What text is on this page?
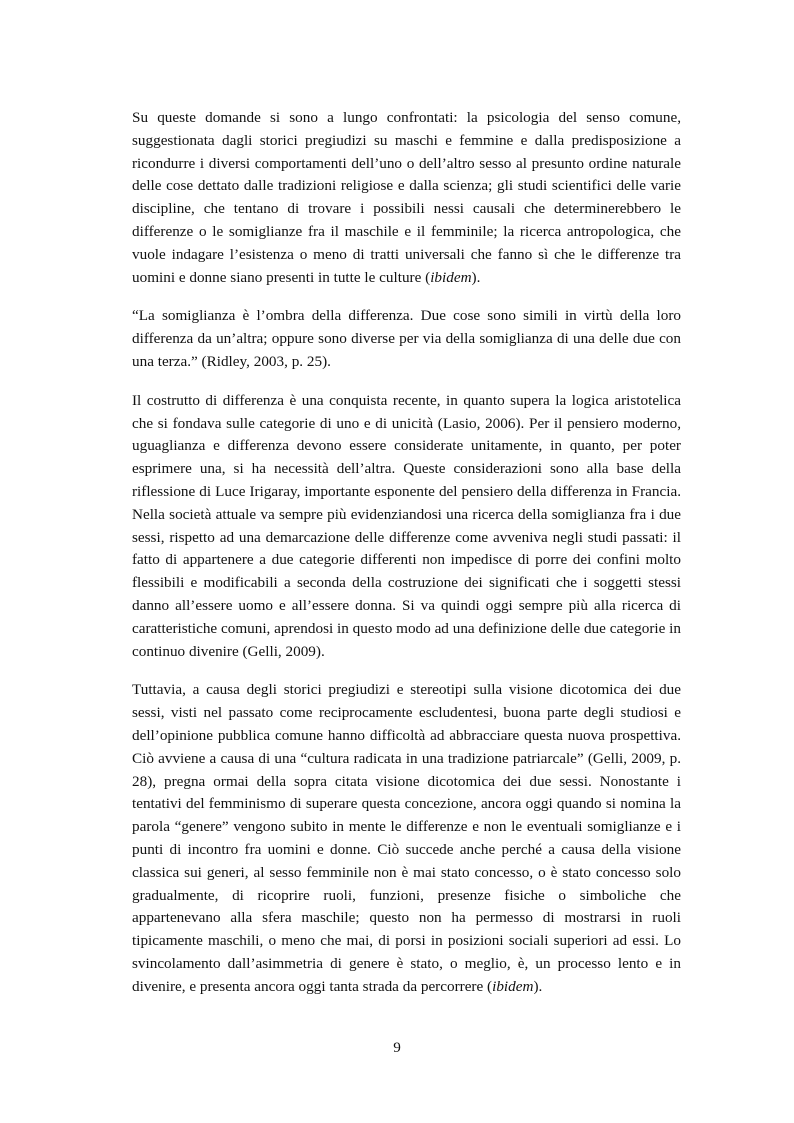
Su queste domande si sono a lungo confrontati: la psicologia del senso comune, suggestionata dagli storici pregiudizi su maschi e femmine e dalla predisposizione a ricondurre i diversi comportamenti dell’uno o dell’altro sesso al presunto ordine naturale delle cose dettato dalle tradizioni religiose e dalla scienza; gli studi scientifici delle varie discipline, che tentano di trovare i possibili nessi causali che determinerebbero le differenze o le somiglianze fra il maschile e il femminile; la ricerca antropologica, che vuole indagare l’esistenza o meno di tratti universali che fanno sì che le differenze tra uomini e donne siano presenti in tutte le culture (ibidem).

“La somiglianza è l’ombra della differenza. Due cose sono simili in virtù della loro differenza da un’altra; oppure sono diverse per via della somiglianza di una delle due con una terza.” (Ridley, 2003, p. 25).

Il costrutto di differenza è una conquista recente, in quanto supera la logica aristotelica che si fondava sulle categorie di uno e di unicità (Lasio, 2006). Per il pensiero moderno, uguaglianza e differenza devono essere considerate unitamente, in quanto, per poter esprimere una, si ha necessità dell’altra. Queste considerazioni sono alla base della riflessione di Luce Irigaray, importante esponente del pensiero della differenza in Francia. Nella società attuale va sempre più evidenziandosi una ricerca della somiglianza fra i due sessi, rispetto ad una demarcazione delle differenze come avveniva negli studi passati: il fatto di appartenere a due categorie differenti non impedisce di porre dei confini molto flessibili e modificabili a seconda della costruzione dei significati che i soggetti stessi danno all’essere uomo e all’essere donna. Si va quindi oggi sempre più alla ricerca di caratteristiche comuni, aprendosi in questo modo ad una definizione delle due categorie in continuo divenire (Gelli, 2009).

Tuttavia, a causa degli storici pregiudizi e stereotipi sulla visione dicotomica dei due sessi, visti nel passato come reciprocamente escludentesi, buona parte degli studiosi e dell’opinione pubblica comune hanno difficoltà ad abbracciare questa nuova prospettiva. Ciò avviene a causa di una “cultura radicata in una tradizione patriarcale” (Gelli, 2009, p. 28), pregna ormai della sopra citata visione dicotomica dei due sessi. Nonostante i tentativi del femminismo di superare questa concezione, ancora oggi quando si nomina la parola “genere” vengono subito in mente le differenze e non le eventuali somiglianze e i punti di incontro fra uomini e donne. Ciò succede anche perché a causa della visione classica sui generi, al sesso femminile non è mai stato concesso, o è stato concesso solo gradualmente, di ricoprire ruoli, funzioni, presenze fisiche o simboliche che appartenevano alla sfera maschile; questo non ha permesso di mostrarsi in ruoli tipicamente maschili, o meno che mai, di porsi in posizioni sociali superiori ad essi. Lo svincolamento dall’asimmetria di genere è stato, o meglio, è, un processo lento e in divenire, e presenta ancora oggi tanta strada da percorrere (ibidem).

9
